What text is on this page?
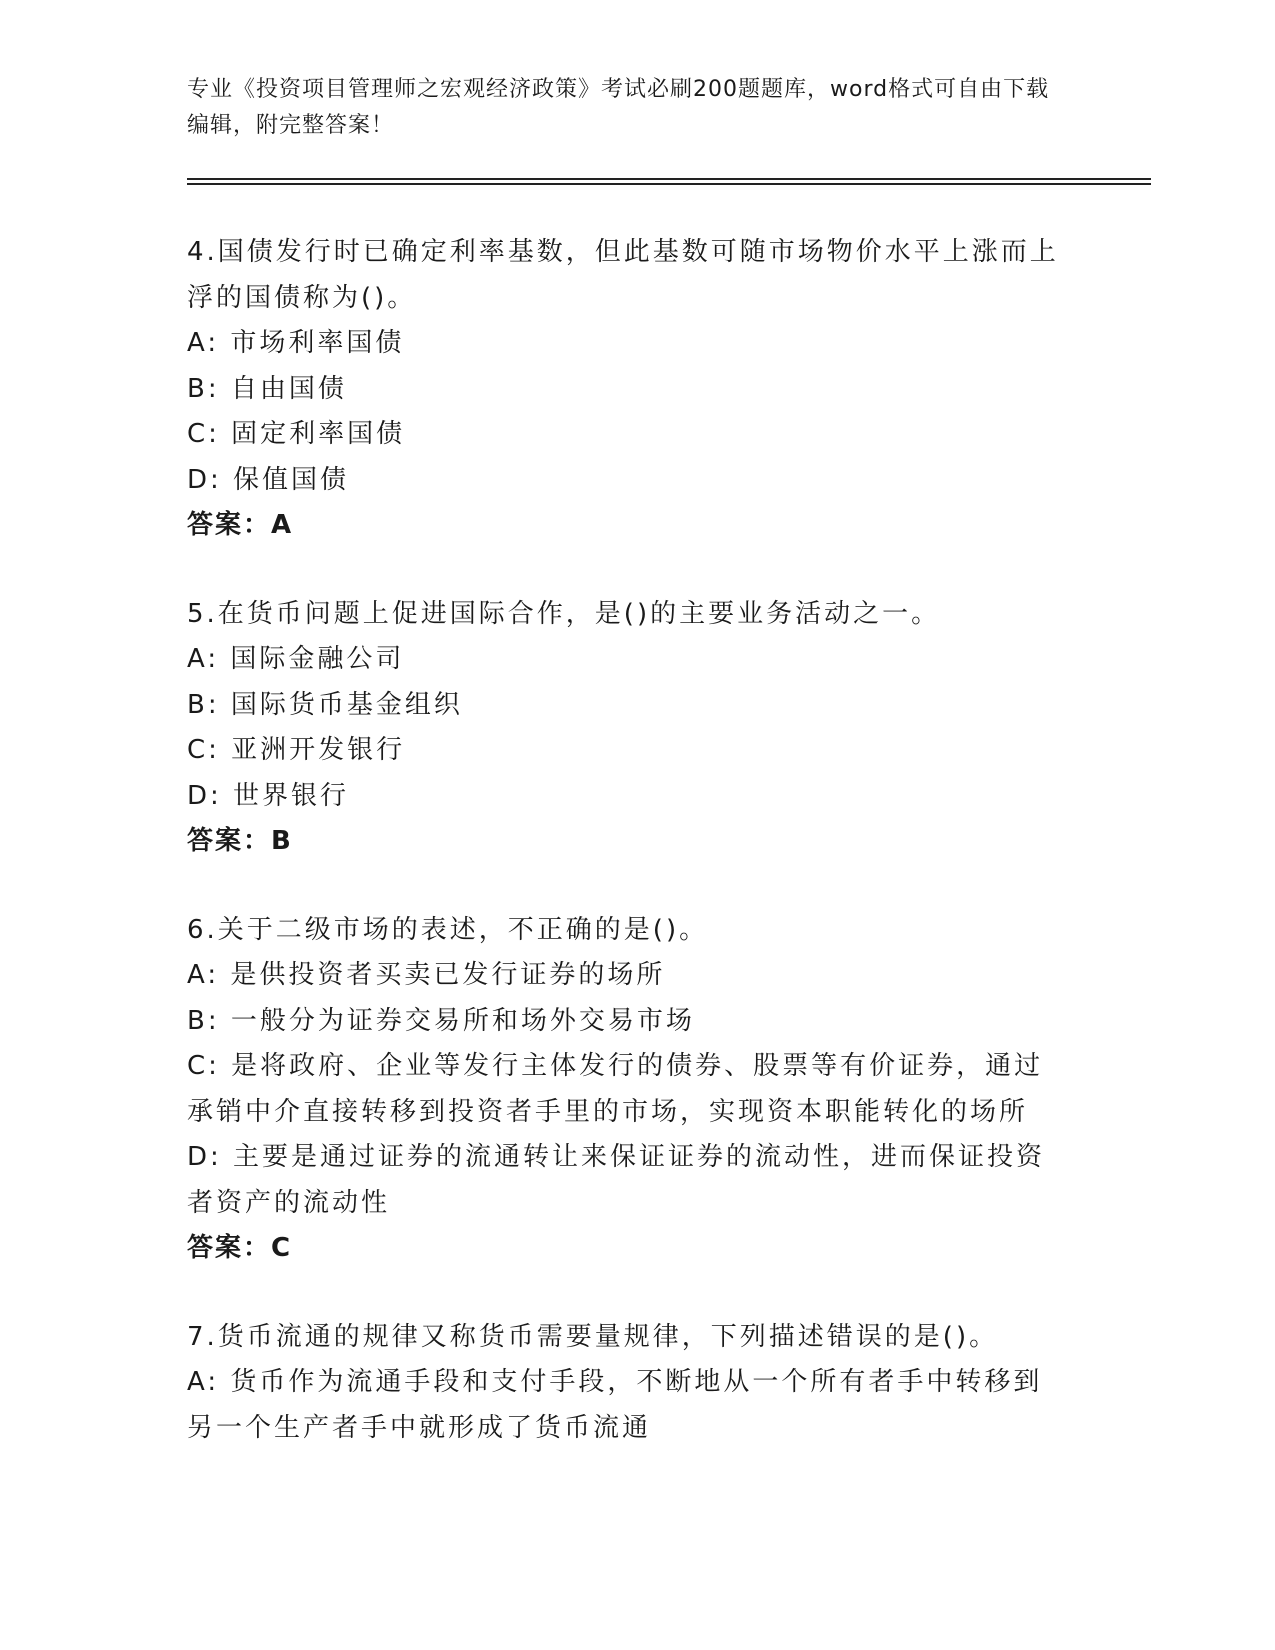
专业《投资项目管理师之宏观经济政策》考试必刷200题题库，word格式可自由下载编辑，附完整答案！
4.国债发行时已确定利率基数，但此基数可随市场物价水平上涨而上浮的国债称为()。
A: 市场利率国债
B: 自由国债
C: 固定利率国债
D: 保值国债
答案：A
5.在货币问题上促进国际合作，是()的主要业务活动之一。
A: 国际金融公司
B: 国际货币基金组织
C: 亚洲开发银行
D: 世界银行
答案：B
6.关于二级市场的表述，不正确的是()。
A: 是供投资者买卖已发行证券的场所
B: 一般分为证券交易所和场外交易市场
C: 是将政府、企业等发行主体发行的债券、股票等有价证券，通过承销中介直接转移到投资者手里的市场，实现资本职能转化的场所
D: 主要是通过证券的流通转让来保证证券的流动性，进而保证投资者资产的流动性
答案：C
7.货币流通的规律又称货币需要量规律，下列描述错误的是()。
A: 货币作为流通手段和支付手段，不断地从一个所有者手中转移到另一个生产者手中就形成了货币流通
